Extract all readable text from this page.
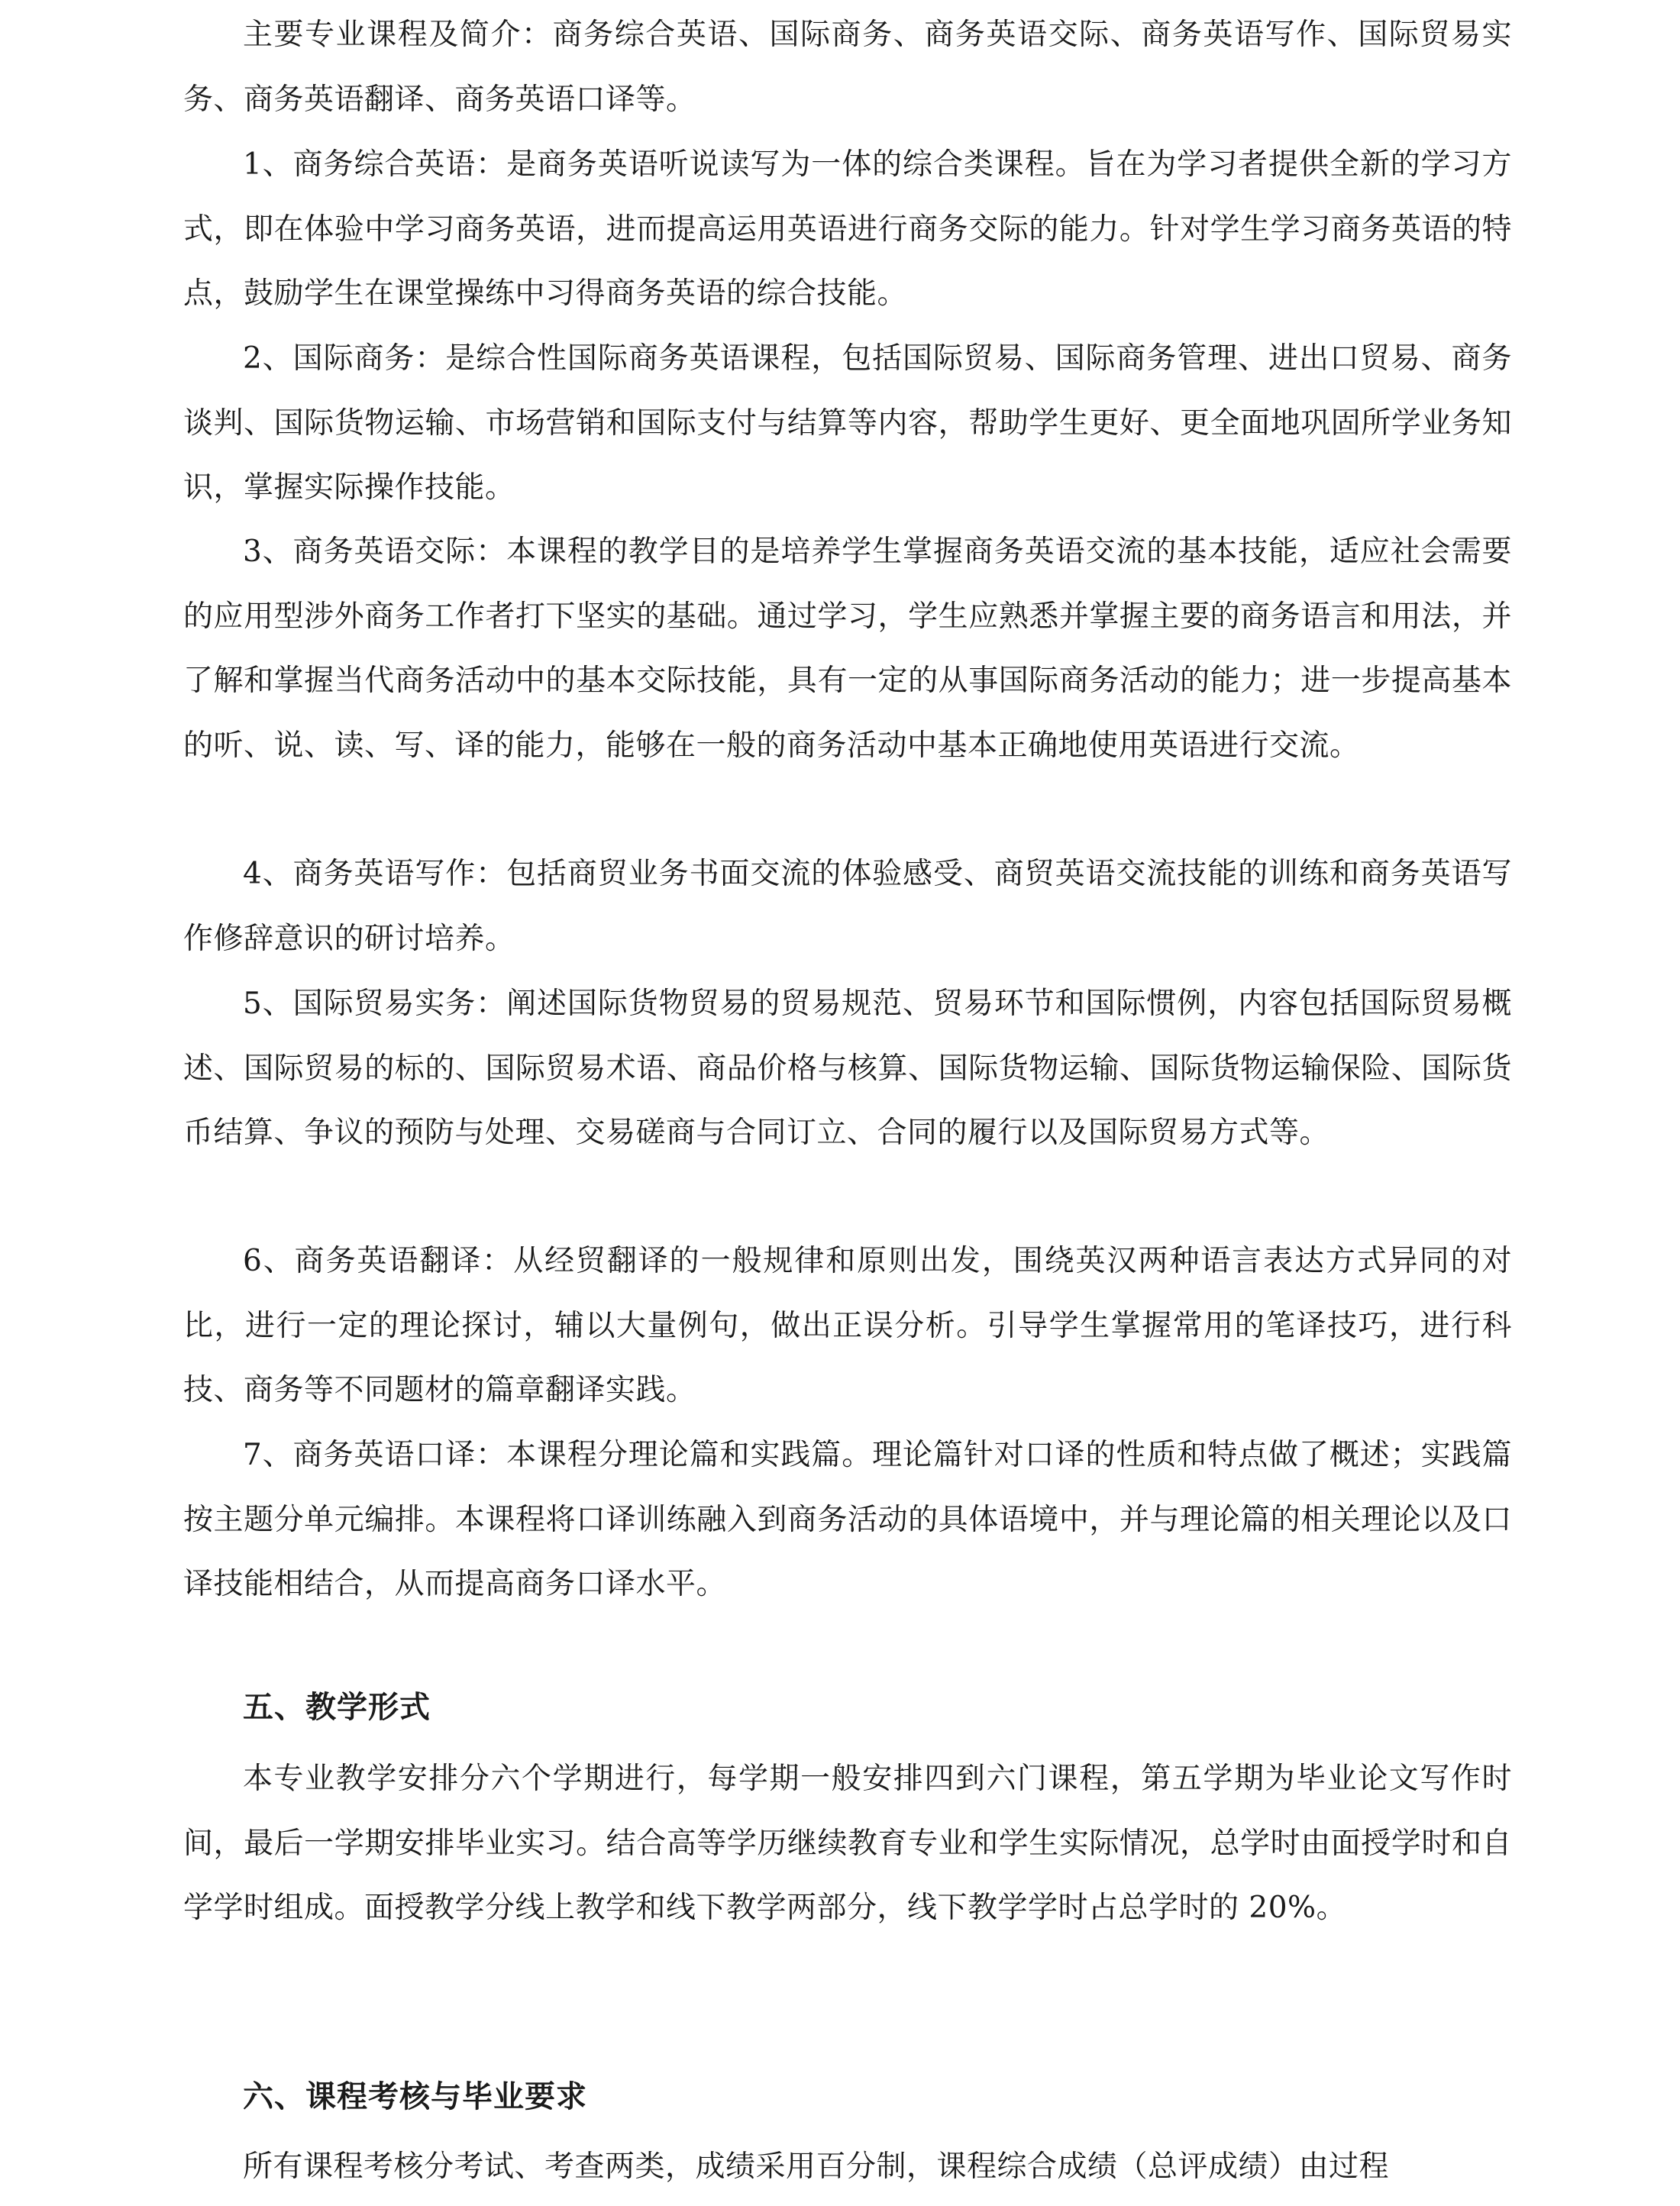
主要专业课程及简介：商务综合英语、国际商务、商务英语交际、商务英语写作、国际贸易实务、商务英语翻译、商务英语口译等。

1、商务综合英语：是商务英语听说读写为一体的综合类课程。旨在为学习者提供全新的学习方式，即在体验中学习商务英语，进而提高运用英语进行商务交际的能力。针对学生学习商务英语的特点，鼓励学生在课堂操练中习得商务英语的综合技能。

2、国际商务：是综合性国际商务英语课程，包括国际贸易、国际商务管理、进出口贸易、商务谈判、国际货物运输、市场营销和国际支付与结算等内容，帮助学生更好、更全面地巩固所学业务知识，掌握实际操作技能。

3、商务英语交际：本课程的教学目的是培养学生掌握商务英语交流的基本技能，适应社会需要的应用型涉外商务工作者打下坚实的基础。通过学习，学生应熟悉并掌握主要的商务语言和用法，并了解和掌握当代商务活动中的基本交际技能，具有一定的从事国际商务活动的能力；进一步提高基本的听、说、读、写、译的能力，能够在一般的商务活动中基本正确地使用英语进行交流。

4、商务英语写作：包括商贸业务书面交流的体验感受、商贸英语交流技能的训练和商务英语写作修辞意识的研讨培养。

5、国际贸易实务：阐述国际货物贸易的贸易规范、贸易环节和国际惯例，内容包括国际贸易概述、国际贸易的标的、国际贸易术语、商品价格与核算、国际货物运输、国际货物运输保险、国际货币结算、争议的预防与处理、交易磋商与合同订立、合同的履行以及国际贸易方式等。

6、商务英语翻译：从经贸翻译的一般规律和原则出发，围绕英汉两种语言表达方式异同的对比，进行一定的理论探讨，辅以大量例句，做出正误分析。引导学生掌握常用的笔译技巧，进行科技、商务等不同题材的篇章翻译实践。

7、商务英语口译：本课程分理论篇和实践篇。理论篇针对口译的性质和特点做了概述；实践篇按主题分单元编排。本课程将口译训练融入到商务活动的具体语境中，并与理论篇的相关理论以及口译技能相结合，从而提高商务口译水平。

五、教学形式

本专业教学安排分六个学期进行，每学期一般安排四到六门课程，第五学期为毕业论文写作时间，最后一学期安排毕业实习。结合高等学历继续教育专业和学生实际情况，总学时由面授学时和自学学时组成。面授教学分线上教学和线下教学两部分，线下教学学时占总学时的 20%。

六、课程考核与毕业要求

所有课程考核分考试、考查两类，成绩采用百分制，课程综合成绩（总评成绩）由过程
